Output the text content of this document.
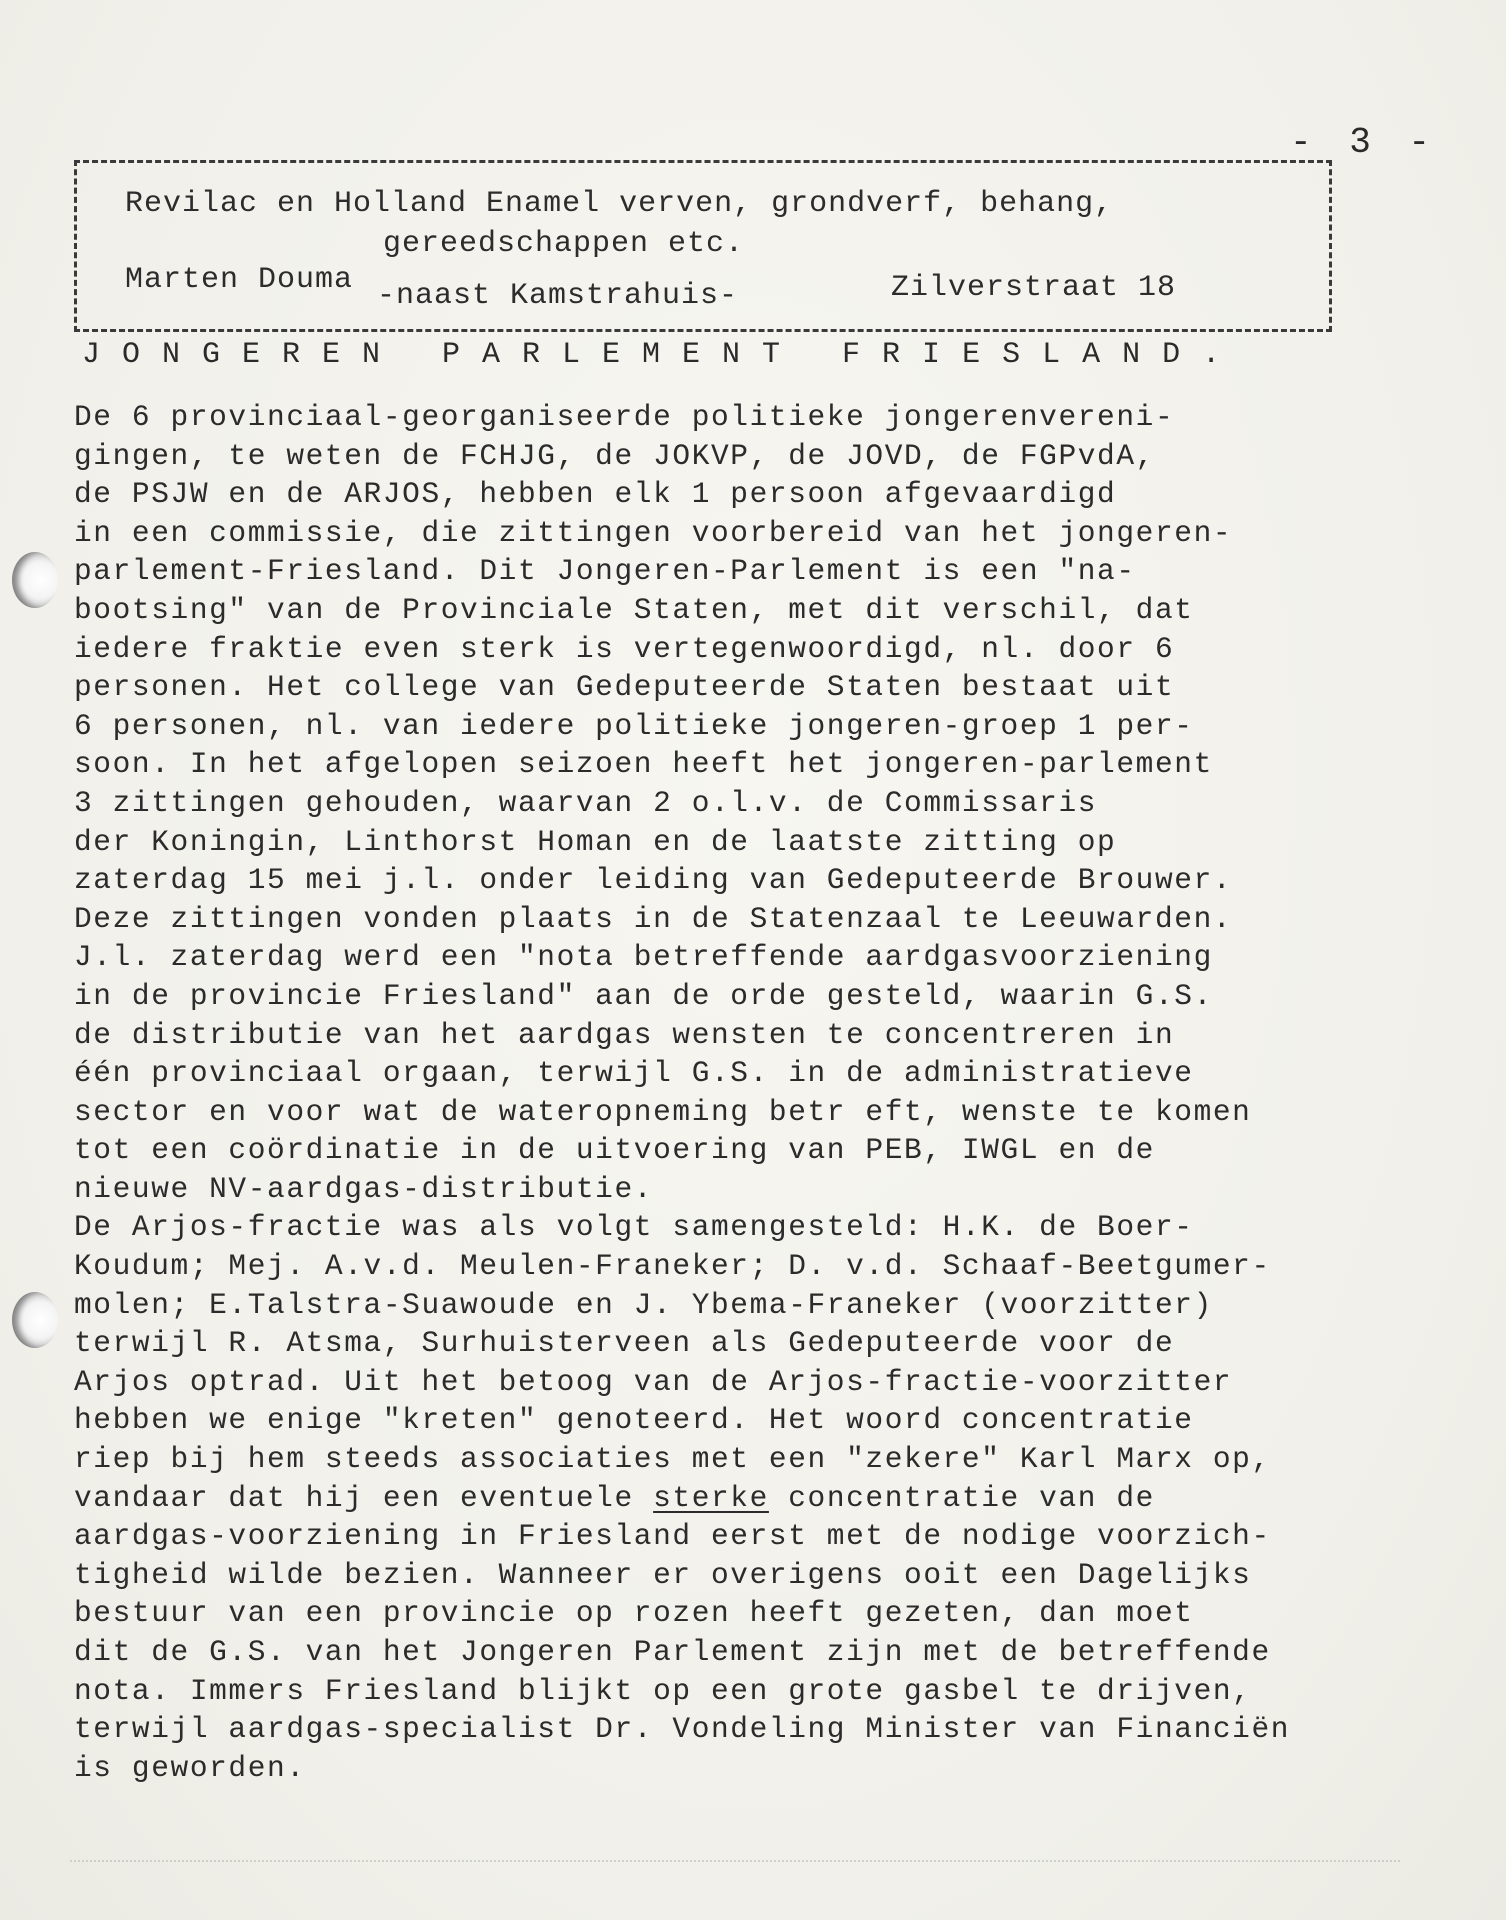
- 3 -
Revilac en Holland Enamel verven, grondverf, behang,
gereedschappen etc.
Marten Douma -naast Kamstrahuis-	Zilverstraat 18
JONGEREN PARLEMENT FRIESLAND.
De 6 provinciaal-georganiseerde politieke jongerenvereni-
gingen, te weten de FCHJG, de JOKVP, de JOVD, de FGPvdA,
de PSJW en de ARJOS, hebben elk 1 persoon afgevaardigd
in een commissie, die zittingen voorbereid van het jongeren-
parlement-Friesland. Dit Jongeren-Parlement is een "na-
bootsing" van de Provinciale Staten, met dit verschil, dat
iedere fraktie even sterk is vertegenwoordigd, nl. door 6
personen. Het college van Gedeputeerde Staten bestaat uit
6 personen, nl. van iedere politieke jongeren-groep 1 per-
soon. In het afgelopen seizoen heeft het jongeren-parlement
3 zittingen gehouden, waarvan 2 o.l.v. de Commissaris
der Koningin, Linthorst Homan en de laatste zitting op
zaterdag 15 mei j.l. onder leiding van Gedeputeerde Brouwer.
Deze zittingen vonden plaats in de Statenzaal te Leeuwarden.
J.l. zaterdag werd een "nota betreffende aardgasvoorziening
in de provincie Friesland" aan de orde gesteld, waarin G.S.
de distributie van het aardgas wensten te concentreren in
één provinciaal orgaan, terwijl G.S. in de administratieve
sector en voor wat de wateropneming betr eft, wenste te komen
tot een coördinatie in de uitvoering van PEB, IWGL en de
nieuwe NV-aardgas-distributie.
De Arjos-fractie was als volgt samengesteld: H.K. de Boer-
Koudum; Mej. A.v.d. Meulen-Franeker; D. v.d. Schaaf-Beetgumer-
molen; E.Talstra-Suawoude en J. Ybema-Franeker (voorzitter)
terwijl R. Atsma, Surhuisterveen als Gedeputeerde voor de
Arjos optrad. Uit het betoog van de Arjos-fractie-voorzitter
hebben we enige "kreten" genoteerd. Het woord concentratie
riep bij hem steeds associaties met een "zekere" Karl Marx op,
vandaar dat hij een eventuele sterke concentratie van de
aardgas-voorziening in Friesland eerst met de nodige voorzich-
tigheid wilde bezien. Wanneer er overigens ooit een Dagelijks
bestuur van een provincie op rozen heeft gezeten, dan moet
dit de G.S. van het Jongeren Parlement zijn met de betreffende
nota. Immers Friesland blijkt op een grote gasbel te drijven,
terwijl aardgas-specialist Dr. Vondeling Minister van Financiën
is geworden.
